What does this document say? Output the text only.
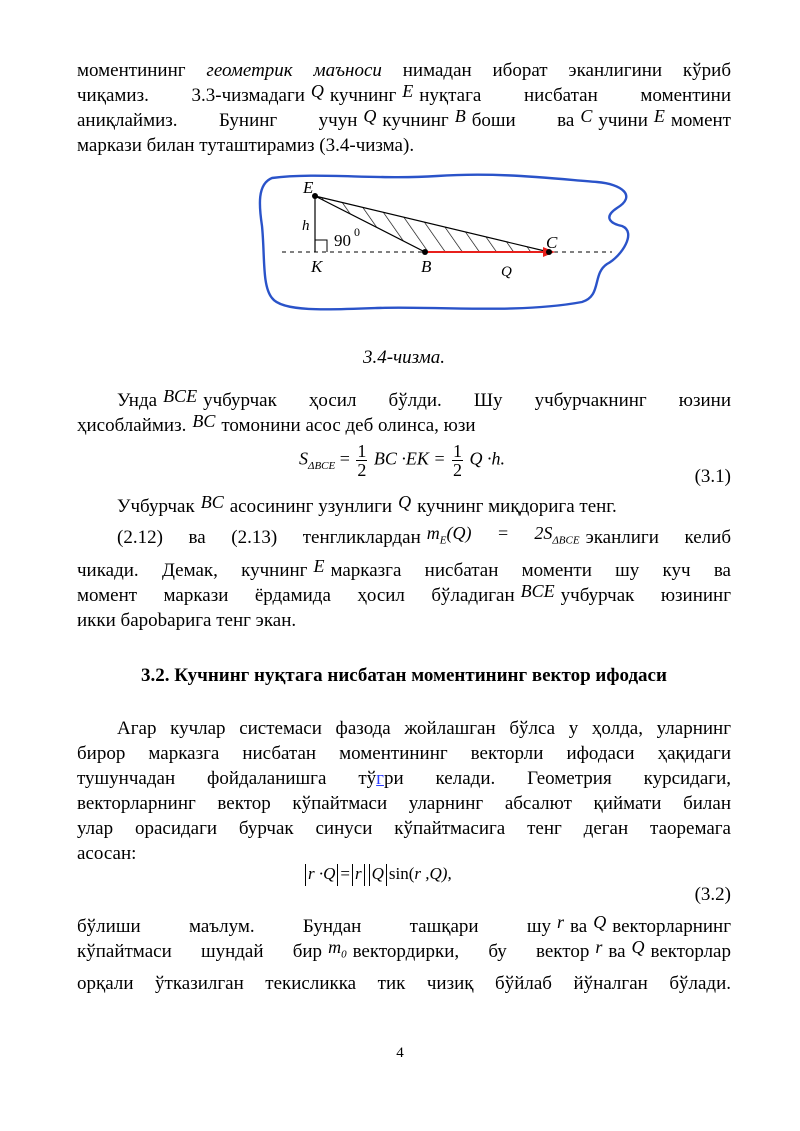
моментининг геометрик маъноси нимадан иборат эканлигини кўриб
чиқамиз. 3.3-чизмадаги Q кучнинг E нуқтага нисбатан моментини
аниқлаймиз. Бунинг учун Q кучнинг B боши ва C учини E момент

маркази билан туташтирамиз (3.4-чизма).

E
h
90 0
K	B
C
Q

3.4-чизма.

Унда BCE учбурчак ҳосил бўлди. Шу учбурчакнинг юзини

ҳисоблаймиз. BC томонини асос деб олинса, юзи

$S_{\Delta BCE} = \frac{1}{2}$ BC $\cdot EK = \frac{1}{2}$ Q ·h.
(3.1)

Учбурчак BC асосининг узунлиги Q кучнинг миқдорига тенг.

(2.12) ва (2.13) тенгликлардан $m_E(Q) = 2S_{\Delta BCE}$ эканлиги келиб

чикади. Демак, кучнинг E марказга нисбатан моменти шу куч ва
момент маркази ёрдамида ҳосил бўладиган BCE учбурчак юзининг

икки барobарига тенг экан.

3.2. Кучнинг нуқтага нисбатан моментининг вектор ифодаси

Агар кучлар системаси фазода жойлашган бўлса у ҳолда, уларнинг
бирор марказга нисбатан моментининг векторли ифодаси ҳақидаги
тушунчадан фойдаланишга тўгри келади. Геометрия курсидаги,
векторларнинг вектор кўпайтмаси уларнинг абсалют қиймати билан
улар орасидаги бурчак синуси кўпайтмасига тенг деган таоремага

асосан:

r ·Q = r Q sin(r ,Q),
(3.2)

бўлиши маълум. Бундан ташқари шу r ва Q векторларнинг
кўпайтмаси шундай бир $m_0$ вектордирки, бу вектор r ва Q векторлар
орқали ўтказилган текисликка тик чизиқ бўйлаб йўналган бўлади.

4
